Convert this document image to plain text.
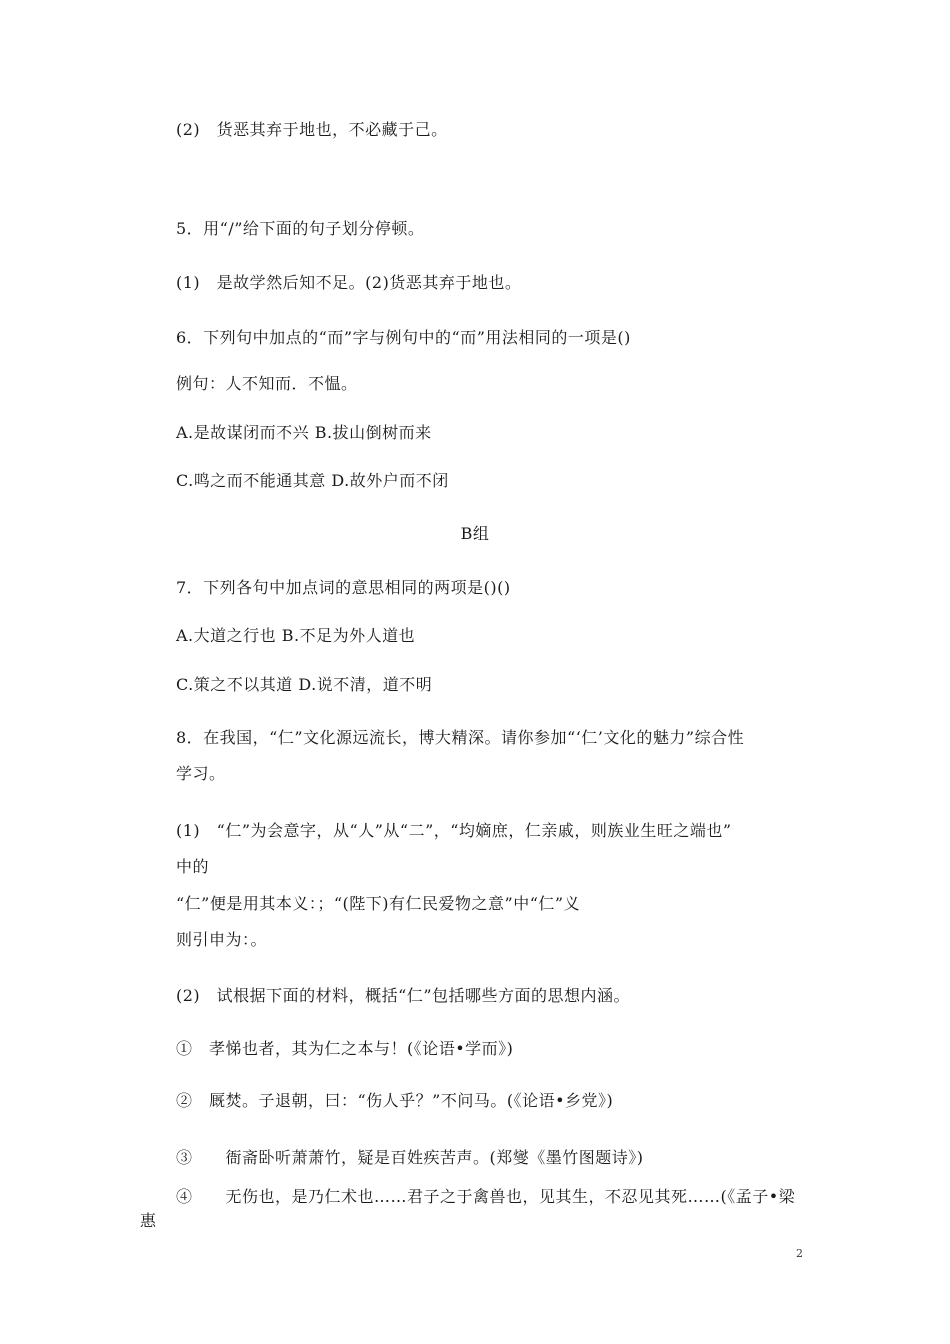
(2)　货恶其弃于地也，不必藏于己。
5．用“/”给下面的句子划分停顿。
(1)　是故学然后知不足。(2)货恶其弃于地也。
6．下列句中加点的“而”字与例句中的“而”用法相同的一项是()
例句：人不知而．不愠。
A.是故谋闭而不兴 B.拔山倒树而来
C.鸣之而不能通其意 D.故外户而不闭
B组
7．下列各句中加点词的意思相同的两项是()()
A.大道之行也 B.不足为外人道也
C.策之不以其道 D.说不清，道不明
8．在我国，“仁”文化源远流长，博大精深。请你参加“‘仁’文化的魅力”综合性
学习。
(1)　“仁”为会意字，从“人”从“二”，“均嫡庶，仁亲戚，则族业生旺之端也”
中的
“仁”便是用其本义：；“(陛下)有仁民爱物之意”中“仁”义
则引申为：。
(2)　试根据下面的材料，概括“仁”包括哪些方面的思想内涵。
①　孝悌也者，其为仁之本与！(《论语•学而》)
②　厩焚。子退朝，曰：“伤人乎？”不问马。(《论语•乡党》)
③　　衙斋卧听萧萧竹，疑是百姓疾苦声。(郑燮《墨竹图题诗》)
④　　无伤也，是乃仁术也……君子之于禽兽也，见其生，不忍见其死……(《孟子•梁
惠
2
